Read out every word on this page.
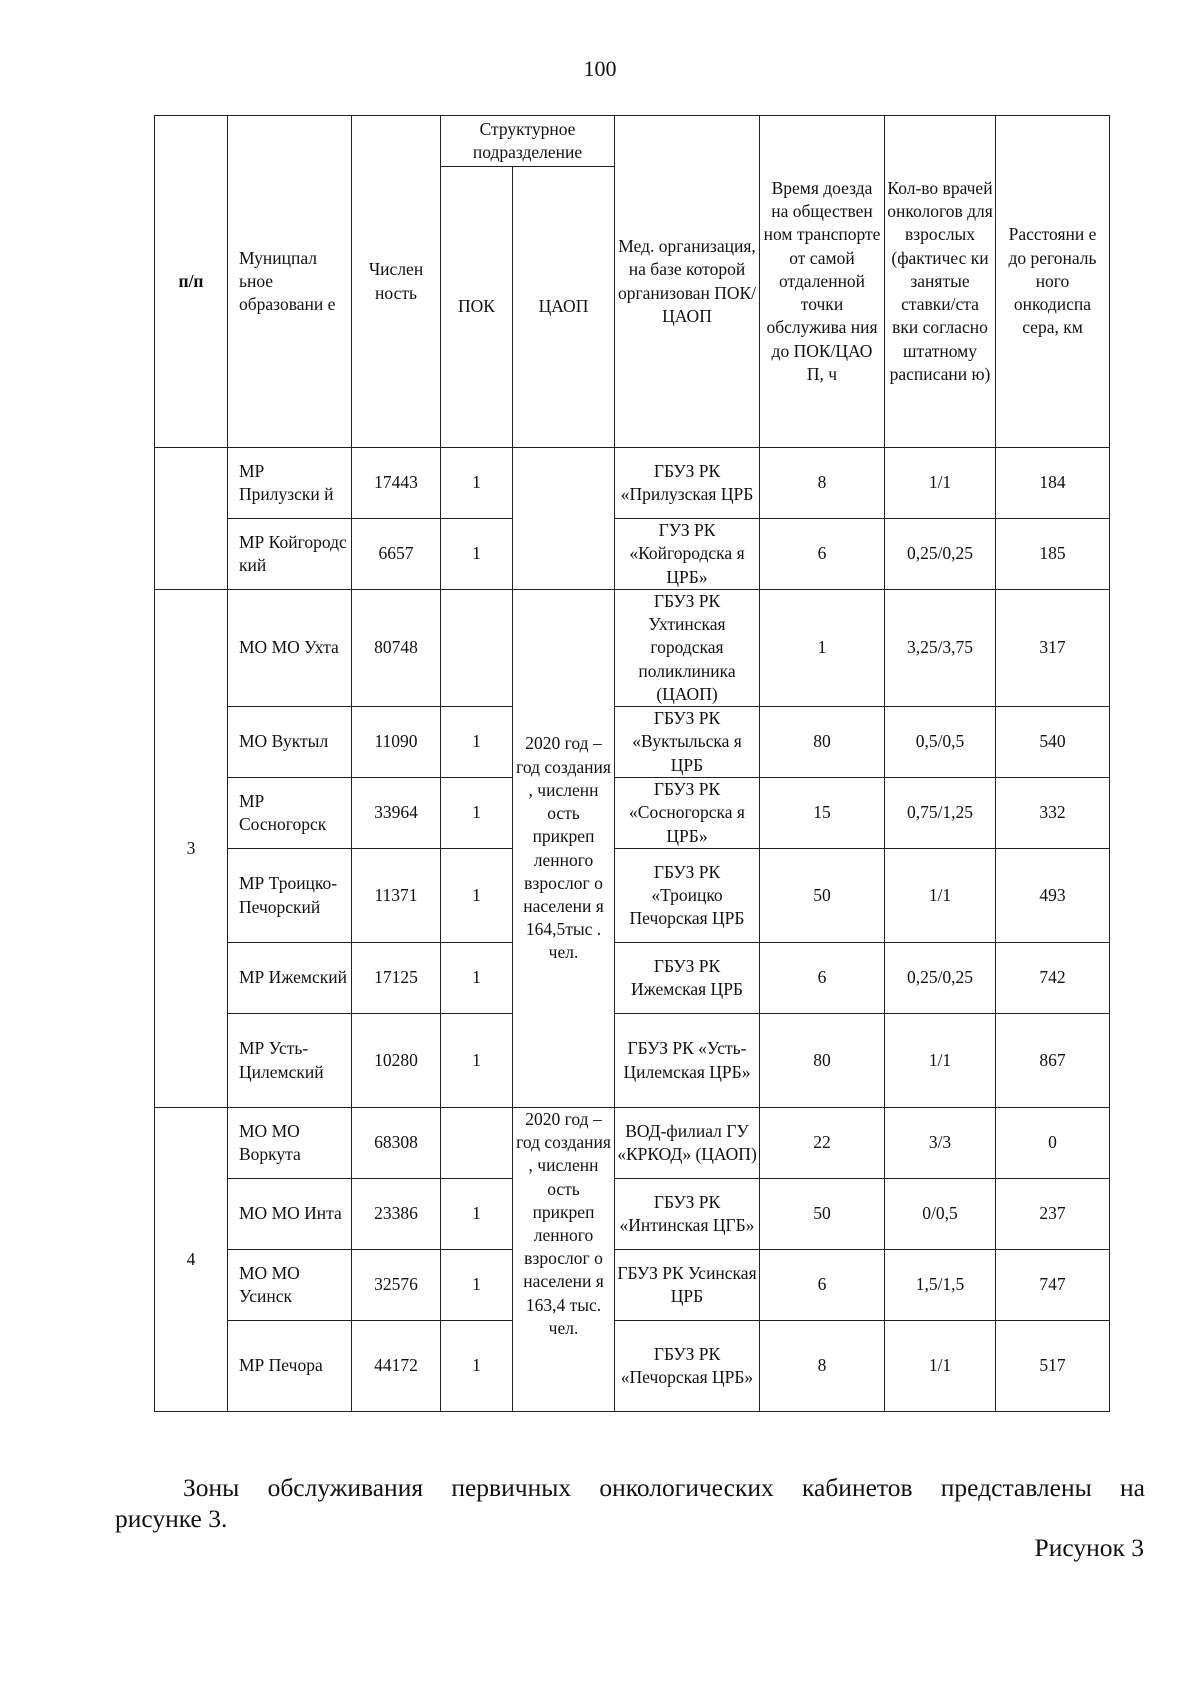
100
п/п	Муницпал ьное образовани е	Числен ность	Структурное подразделение		Мед. организация, на базе которой организован ПОК/ЦАОП	Время доезда на обществен ном транспорте от самой отдаленной точки обслужива ния до ПОК/ЦАО П, ч	Кол-во врачей онкологов для взрослых (фактичес ки занятые ставки/ста вки согласно штатному расписани ю)	Расстояни е до регональ ного онкодиспа сера, км
			ПОК	ЦАОП				
	МР Прилузски й	17443	1		ГБУЗ РК «Прилузская ЦРБ	8	1/1	184
	МР Койгородс кий	6657	1		ГУЗ РК «Койгородска я ЦРБ»	6	0,25/0,25	185
3	МО МО Ухта	80748		2020 год – год создания , численн ость прикреп ленного взрослог о населени я 164,5тыс . чел.	ГБУЗ РК Ухтинская городская поликлиника (ЦАОП)	1	3,25/3,75	317
	МО Вуктыл	11090	1		ГБУЗ РК «Вуктыльска я ЦРБ	80	0,5/0,5	540
	МР Сосногорск	33964	1		ГБУЗ РК «Сосногорска я ЦРБ»	15	0,75/1,25	332
	МР Троицко- Печорский	11371	1		ГБУЗ РК «Троицко Печорская ЦРБ	50	1/1	493
	МР Ижемский	17125	1		ГБУЗ РК Ижемская ЦРБ	6	0,25/0,25	742
	МР Усть- Цилемский	10280	1		ГБУЗ РК «Усть- Цилемская ЦРБ»	80	1/1	867
4	МО МО Воркута	68308		2020 год – год создания , численн ость прикреп ленного взрослог о населени я 163,4 тыс. чел.	ВОД-филиал ГУ «КРКОД» (ЦАОП)	22	3/3	0
	МО МО Инта	23386	1		ГБУЗ РК «Интинская ЦГБ»	50	0/0,5	237
	МО МО Усинск	32576	1		ГБУЗ РК Усинская ЦРБ	6	1,5/1,5	747
	МР Печора	44172	1		ГБУЗ РК «Печорская ЦРБ»	8	1/1	517
Зоны обслуживания первичных онкологических кабинетов представлены на
рисунке 3.
Рисунок 3
